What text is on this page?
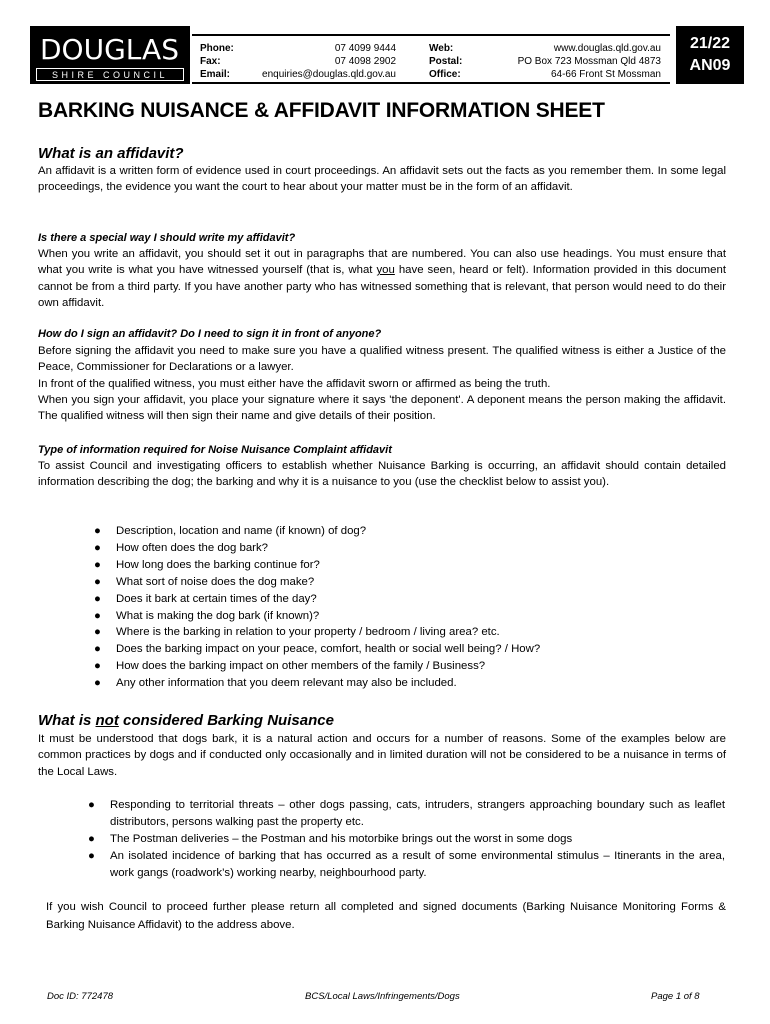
DOUGLAS
SHIRE COUNCIL
Phone:	07 4099 9444
Fax:	07 4098 2902
Email:	enquiries@douglas.qld.gov.au
Web:	www.douglas.qld.gov.au
Postal:	PO Box 723 Mossman Qld 4873
Office:	64-66 Front St Mossman
21/22
AN09
BARKING NUISANCE & AFFIDAVIT INFORMATION SHEET
What is an affidavit?

An affidavit is a written form of evidence used in court proceedings. An affidavit sets out the facts as you remember them. In some legal proceedings, the evidence you want the court to hear about your matter must be in the form of an affidavit.

Is there a special way I should write my affidavit?

When you write an affidavit, you should set it out in paragraphs that are numbered. You can also use headings. You must ensure that what you write is what you have witnessed yourself (that is, what you have seen, heard or felt). Information provided in this document cannot be from a third party. If you have another party who has witnessed something that is relevant, that person would need to do their own affidavit.

How do I sign an affidavit? Do I need to sign it in front of anyone?

Before signing the affidavit you need to make sure you have a qualified witness present. The qualified witness is either a Justice of the Peace, Commissioner for Declarations or a lawyer.

In front of the qualified witness, you must either have the affidavit sworn or affirmed as being the truth.

When you sign your affidavit, you place your signature where it says 'the deponent'. A deponent means the person making the affidavit. The qualified witness will then sign their name and give details of their position.

Type of information required for Noise Nuisance Complaint affidavit

To assist Council and investigating officers to establish whether Nuisance Barking is occurring, an affidavit should contain detailed information describing the dog; the barking and why it is a nuisance to you (use the checklist below to assist you).

● Description, location and name (if known) of dog?
● How often does the dog bark?
● How long does the barking continue for?
● What sort of noise does the dog make?
● Does it bark at certain times of the day?
● What is making the dog bark (if known)?
● Where is the barking in relation to your property / bedroom / living area? etc.
● Does the barking impact on your peace, comfort, health or social well being? / How?
● How does the barking impact on other members of the family / Business?
● Any other information that you deem relevant may also be included.
What is not considered Barking Nuisance

It must be understood that dogs bark, it is a natural action and occurs for a number of reasons. Some of the examples below are common practices by dogs and if conducted only occasionally and in limited duration will not be considered to be a nuisance in terms of the Local Laws.

● Responding to territorial threats – other dogs passing, cats, intruders, strangers approaching boundary such as leaflet distributors, persons walking past the property etc.
● The Postman deliveries – the Postman and his motorbike brings out the worst in some dogs
● An isolated incidence of barking that has occurred as a result of some environmental stimulus – Itinerants in the area, work gangs (roadwork’s) working nearby, neighbourhood party.

If you wish Council to proceed further please return all completed and signed documents (Barking Nuisance Monitoring Forms & Barking Nuisance Affidavit) to the address above.

Doc ID: 772478	BCS/Local Laws/Infringements/Dogs	Page 1 of 8
